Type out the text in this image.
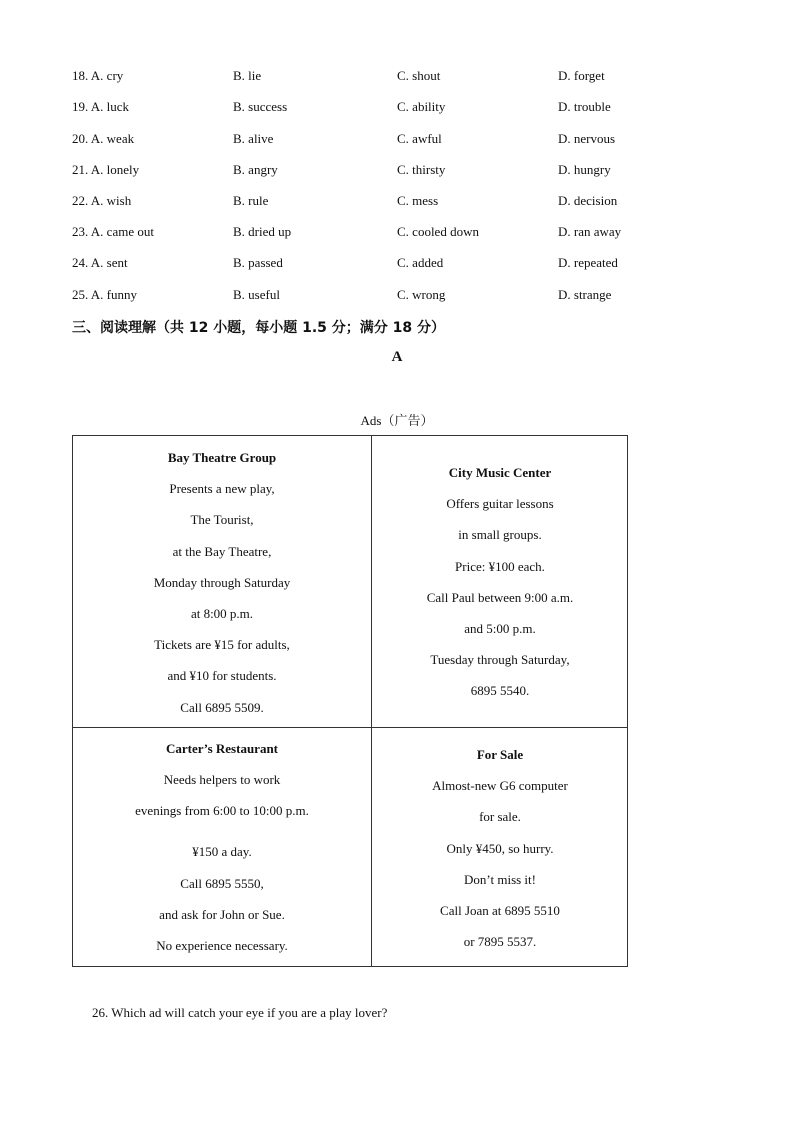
18. A. cry	B. lie	C. shout	D. forget
19. A. luck	B. success	C. ability	D. trouble
20. A. weak	B. alive	C. awful	D. nervous
21. A. lonely	B. angry	C. thirsty	D. hungry
22. A. wish	B. rule	C. mess	D. decision
23. A. came out	B. dried up	C. cooled down	D. ran away
24. A. sent	B. passed	C. added	D. repeated
25. A. funny	B. useful	C. wrong	D. strange
三、阅读理解（共 12 小题，每小题 1.5 分；满分 18 分）
A
Ads（广告）
Bay Theatre Group
Presents a new play,
The Tourist,
at the Bay Theatre,
Monday through Saturday
at 8:00 p.m.
Tickets are ¥15 for adults,
and ¥10 for students.
Call 6895 5509.
City Music Center
Offers guitar lessons
in small groups.
Price: ¥100 each.
Call Paul between 9:00 a.m.
and 5:00 p.m.
Tuesday through Saturday,
6895 5540.
Carter’s Restaurant
Needs helpers to work
evenings from 6:00 to 10:00 p.m.
¥150 a day.
Call 6895 5550,
and ask for John or Sue.
No experience necessary.
For Sale
Almost-new G6 computer
for sale.
Only ¥450, so hurry.
Don’t miss it!
Call Joan at 6895 5510
or 7895 5537.
26. Which ad will catch your eye if you are a play lover?
